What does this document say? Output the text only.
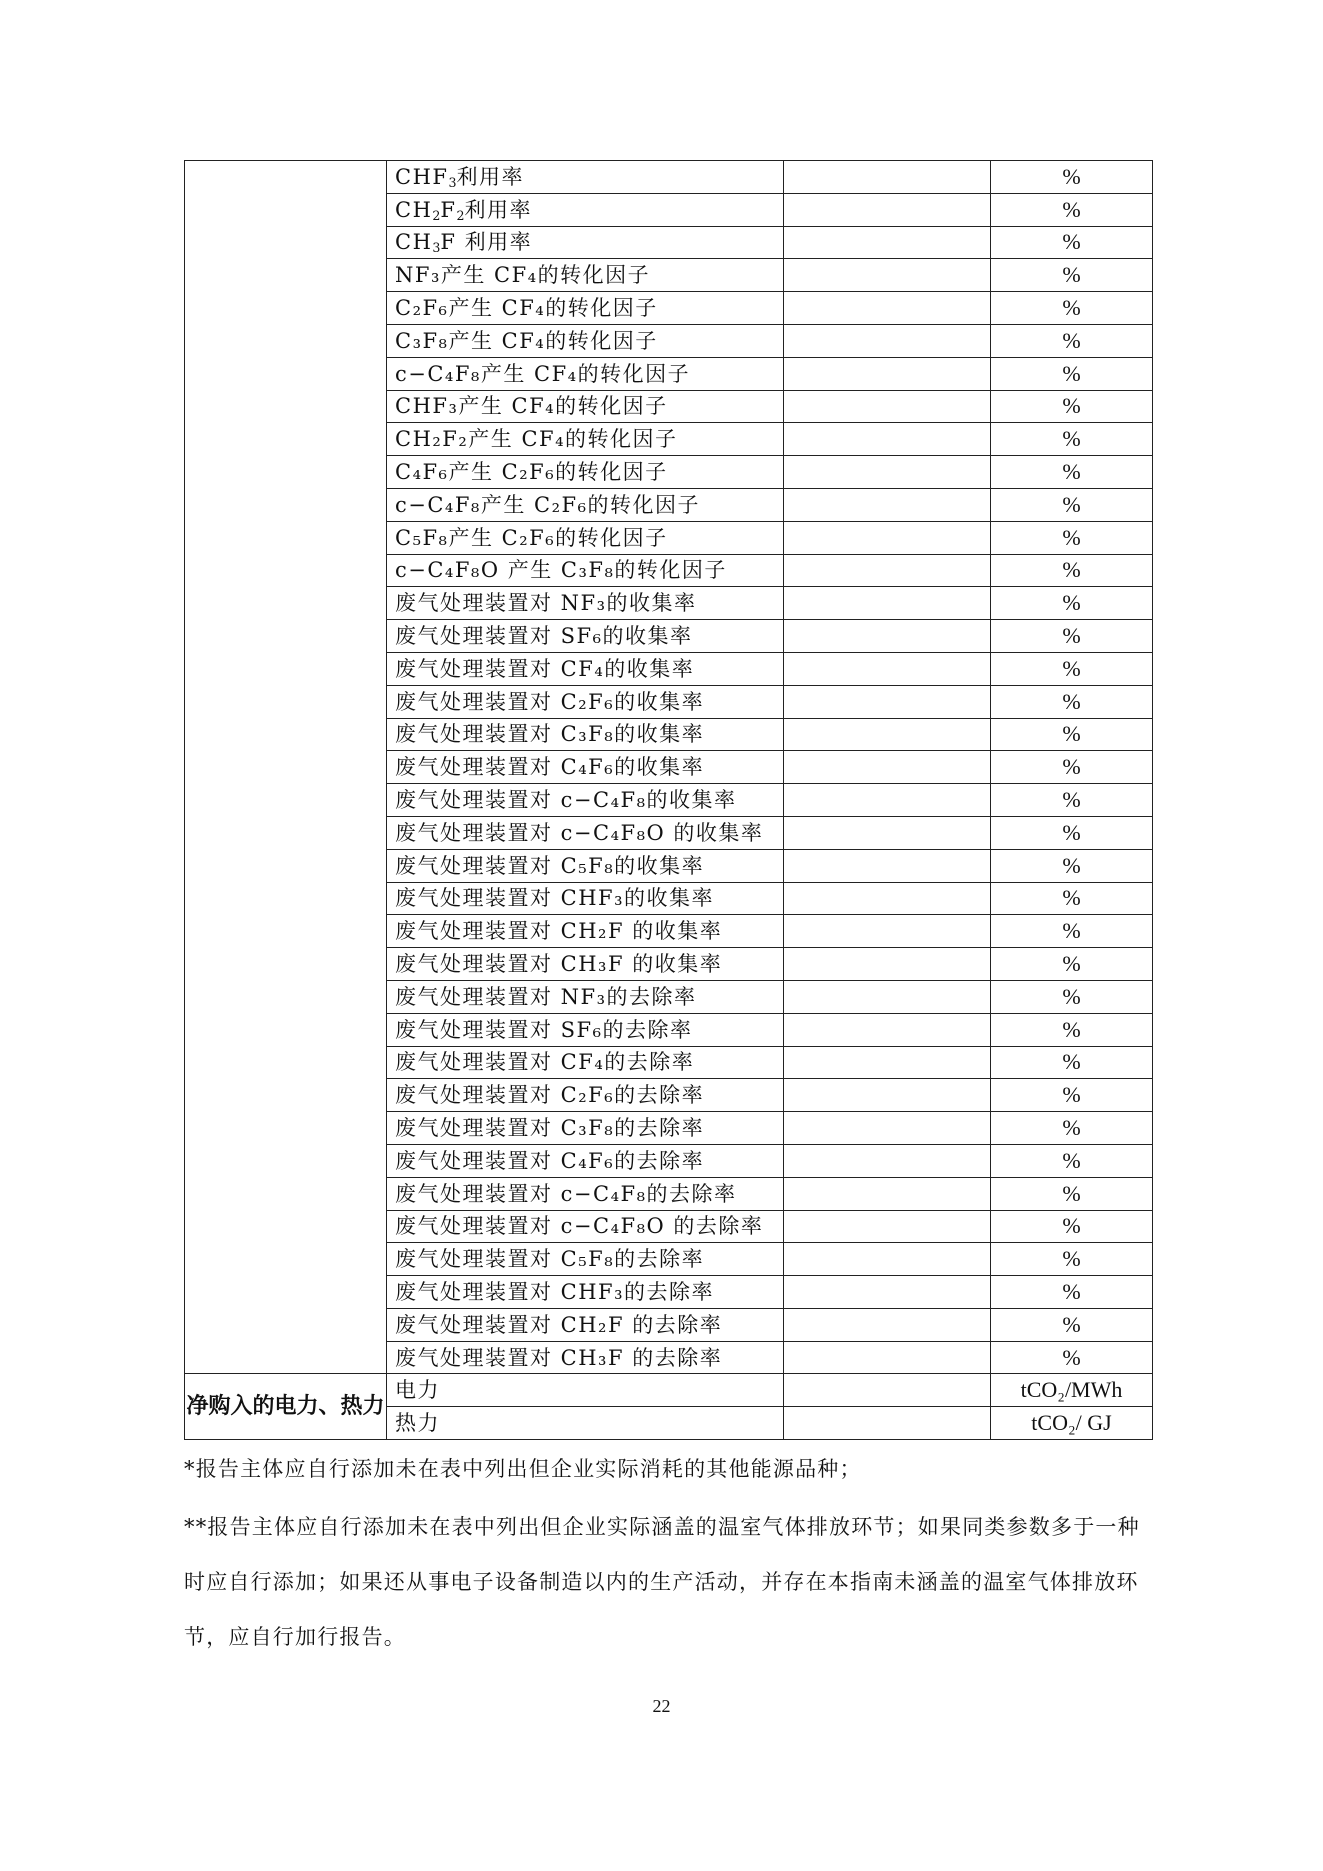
	$CHF_3$利用率		%
	$CH_2F_2$利用率		%
	$CH_3F$ 利用率		%
	NF₃产生 CF₄的转化因子		%
	C₂F₆产生 CF₄的转化因子		%
	C₃F₈产生 CF₄的转化因子		%
	c−C₄F₈产生 CF₄的转化因子		%
	CHF₃产生 CF₄的转化因子		%
	CH₂F₂产生 CF₄的转化因子		%
	C₄F₆产生 C₂F₆的转化因子		%
	c−C₄F₈产生 C₂F₆的转化因子		%
	C₅F₈产生 C₂F₆的转化因子		%
	c−C₄F₈O 产生 C₃F₈的转化因子		%
	废气处理装置对 NF₃的收集率		%
	废气处理装置对 SF₆的收集率		%
	废气处理装置对 CF₄的收集率		%
	废气处理装置对 C₂F₆的收集率		%
	废气处理装置对 C₃F₈的收集率		%
	废气处理装置对 C₄F₆的收集率		%
	废气处理装置对 c−C₄F₈的收集率		%
	废气处理装置对 c−C₄F₈O 的收集率		%
	废气处理装置对 C₅F₈的收集率		%
	废气处理装置对 CHF₃的收集率		%
	废气处理装置对 CH₂F 的收集率		%
	废气处理装置对 CH₃F 的收集率		%
	废气处理装置对 NF₃的去除率		%
	废气处理装置对 SF₆的去除率		%
	废气处理装置对 CF₄的去除率		%
	废气处理装置对 C₂F₆的去除率		%
	废气处理装置对 C₃F₈的去除率		%
	废气处理装置对 C₄F₆的去除率		%
	废气处理装置对 c−C₄F₈的去除率		%
	废气处理装置对 c−C₄F₈O 的去除率		%
	废气处理装置对 C₅F₈的去除率		%
	废气处理装置对 CHF₃的去除率		%
	废气处理装置对 CH₂F 的去除率		%
	废气处理装置对 CH₃F 的去除率		%
净购入的电力、热力	电力		tCO₂/MWh
	热力		tCO₂/ GJ
*报告主体应自行添加未在表中列出但企业实际消耗的其他能源品种；
**报告主体应自行添加未在表中列出但企业实际涵盖的温室气体排放环节；如果同类参数多于一种时应自行添加；如果还从事电子设备制造以内的生产活动，并存在本指南未涵盖的温室气体排放环节，应自行加行报告。
22
